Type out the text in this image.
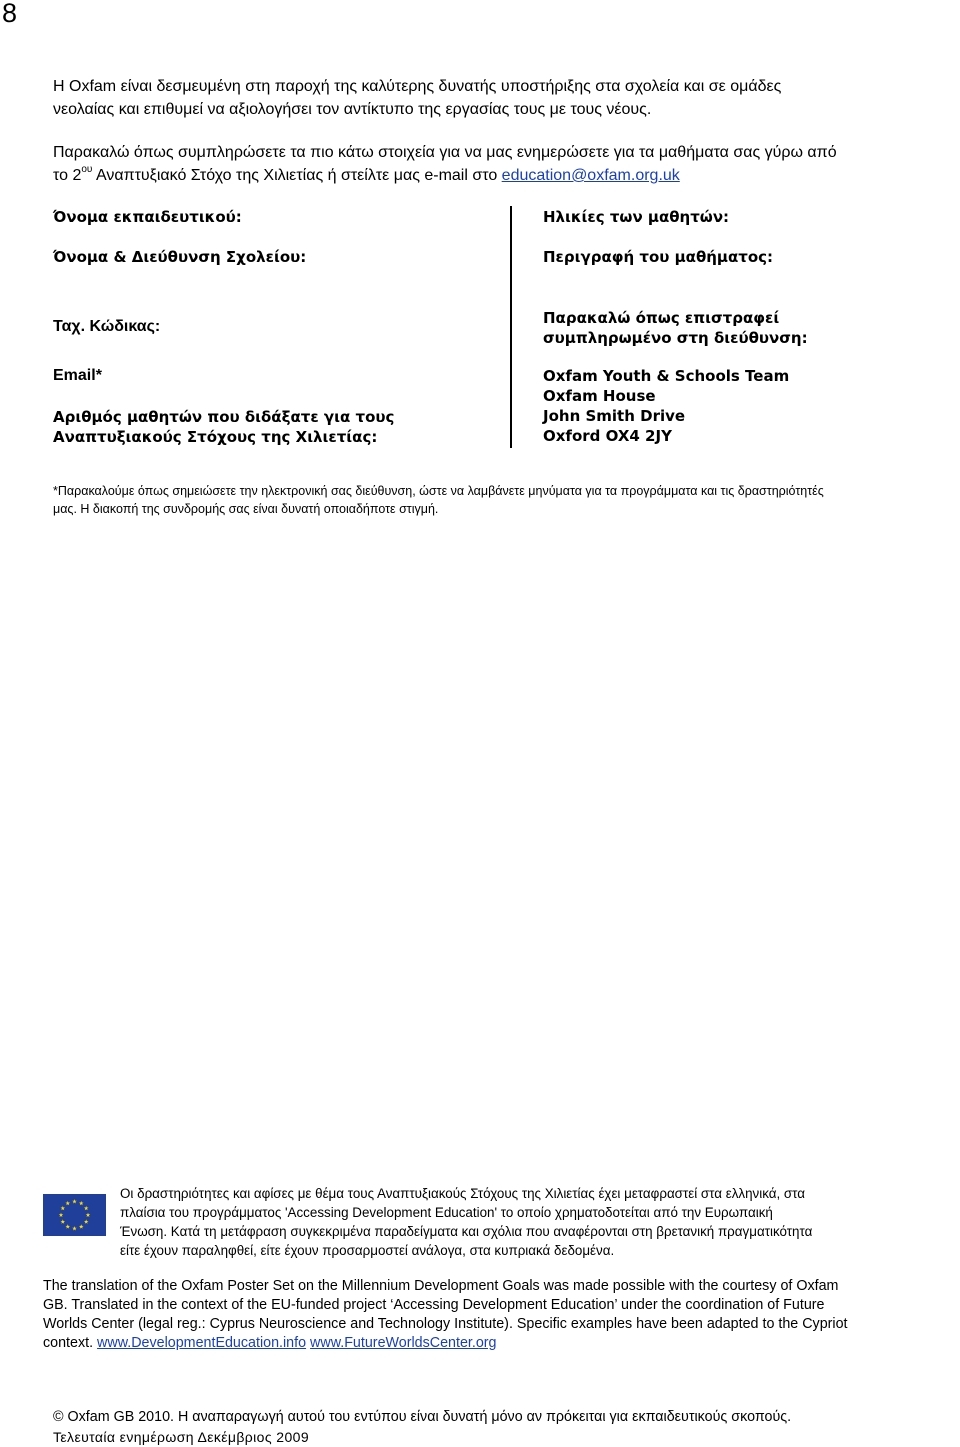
8
Η Oxfam είναι δεσμευμένη στη παροχή της καλύτερης δυνατής υποστήριξης στα σχολεία και σε ομάδες
νεολαίας και επιθυμεί να αξιολογήσει τον αντίκτυπο της εργασίας τους με τους νέους.
Παρακαλώ όπως συμπληρώσετε τα πιο κάτω στοιχεία για να μας ενημερώσετε για τα μαθήματα σας γύρω από
το $2^{o\upsilon}$ Αναπτυξιακό Στόχο της Χιλιετίας ή στείλτε μας e-mail στο education@oxfam.org.uk
Όνομα εκπαιδευτικού:
Όνομα & Διεύθυνση Σχολείου:
Ταχ. Κώδικας:
Email*
Αριθμός μαθητών που διδάξατε για τους
Αναπτυξιακούς Στόχους της Χιλιετίας:
Ηλικίες των μαθητών:
Περιγραφή του μαθήματος:
Παρακαλώ όπως επιστραφεί
συμπληρωμένο στη διεύθυνση:
Oxfam Youth & Schools Team
Oxfam House
John Smith Drive
Oxford OX4 2JY
*Παρακαλούμε όπως σημειώσετε την ηλεκτρονική σας διεύθυνση, ώστε να λαμβάνετε μηνύματα για τα προγράμματα και τις δραστηριότητές
μας. Η διακοπή της συνδρομής σας είναι δυνατή οποιαδήποτε στιγμή.
Οι δραστηριότητες και αφίσες με θέμα τους Αναπτυξιακούς Στόχους της Χιλιετίας έχει μεταφραστεί στα ελληνικά, στα
πλαίσια του προγράμματος 'Accessing Development Education' το οποίο χρηματοδοτείται από την Ευρωπαική
Ένωση. Κατά τη μετάφραση συγκεκριμένα παραδείγματα και σχόλια που αναφέρονται στη βρετανική πραγματικότητα
είτε έχουν παραληφθεί, είτε έχουν προσαρμοστεί ανάλογα, στα κυπριακά δεδομένα.
The translation of the Oxfam Poster Set on the Millennium Development Goals was made possible with the courtesy of Oxfam
GB. Translated in the context of the EU-funded project ‘Accessing Development Education’ under the coordination of Future
Worlds Center (legal reg.: Cyprus Neuroscience and Technology Institute). Specific examples have been adapted to the Cypriot
context. www.DevelopmentEducation.info www.FutureWorldsCenter.org
© Oxfam GB 2010. Η αναπαραγωγή αυτού του εντύπου είναι δυνατή μόνο αν πρόκειται για εκπαιδευτικούς σκοπούς.
Τελευταία ενημέρωση Δεκέμβριος 2009
